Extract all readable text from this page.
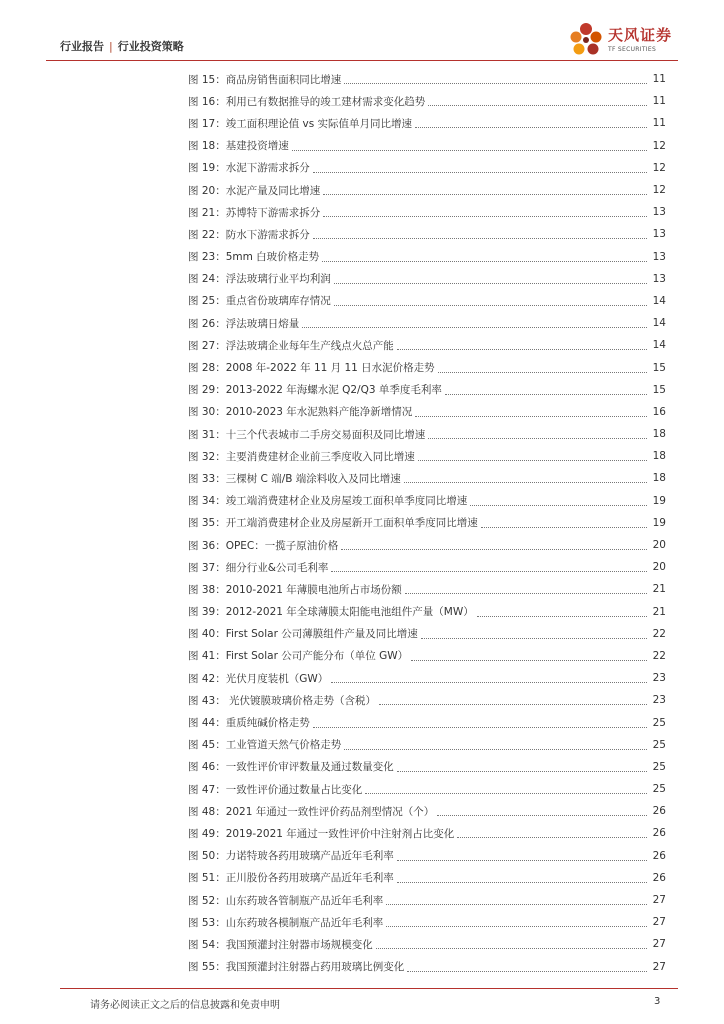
行业报告 | 行业投资策略
天风证券
TF SECURITIES
图 15：商品房销售面积同比增速	11
图 16：利用已有数据推导的竣工建材需求变化趋势	11
图 17：竣工面积理论值 vs 实际值单月同比增速	11
图 18：基建投资增速	12
图 19：水泥下游需求拆分	12
图 20：水泥产量及同比增速	12
图 21：苏博特下游需求拆分	13
图 22：防水下游需求拆分	13
图 23：5mm 白玻价格走势	13
图 24：浮法玻璃行业平均利润	13
图 25：重点省份玻璃库存情况	14
图 26：浮法玻璃日熔量	14
图 27：浮法玻璃企业每年生产线点火总产能	14
图 28：2008 年-2022 年 11 月 11 日水泥价格走势	15
图 29：2013-2022 年海螺水泥 Q2/Q3 单季度毛利率	15
图 30：2010-2023 年水泥熟料产能净新增情况	16
图 31：十三个代表城市二手房交易面积及同比增速	18
图 32：主要消费建材企业前三季度收入同比增速	18
图 33：三棵树 C 端/B 端涂料收入及同比增速	18
图 34：竣工端消费建材企业及房屋竣工面积单季度同比增速	19
图 35：开工端消费建材企业及房屋新开工面积单季度同比增速	19
图 36：OPEC：一揽子原油价格	20
图 37：细分行业&公司毛利率	20
图 38：2010-2021 年薄膜电池所占市场份额	21
图 39：2012-2021 年全球薄膜太阳能电池组件产量（MW）	21
图 40：First Solar 公司薄膜组件产量及同比增速	22
图 41：First Solar 公司产能分布（单位 GW）	22
图 42：光伏月度装机（GW）	23
图 43： 光伏镀膜玻璃价格走势（含税）	23
图 44：重质纯碱价格走势	25
图 45：工业管道天然气价格走势	25
图 46：一致性评价审评数量及通过数量变化	25
图 47：一致性评价通过数量占比变化	25
图 48：2021 年通过一致性评价药品剂型情况（个）	26
图 49：2019-2021 年通过一致性评价中注射剂占比变化	26
图 50：力诺特玻各药用玻璃产品近年毛利率	26
图 51：正川股份各药用玻璃产品近年毛利率	26
图 52：山东药玻各管制瓶产品近年毛利率	27
图 53：山东药玻各模制瓶产品近年毛利率	27
图 54：我国预灌封注射器市场规模变化	27
图 55：我国预灌封注射器占药用玻璃比例变化	27
请务必阅读正文之后的信息披露和免责申明	3
